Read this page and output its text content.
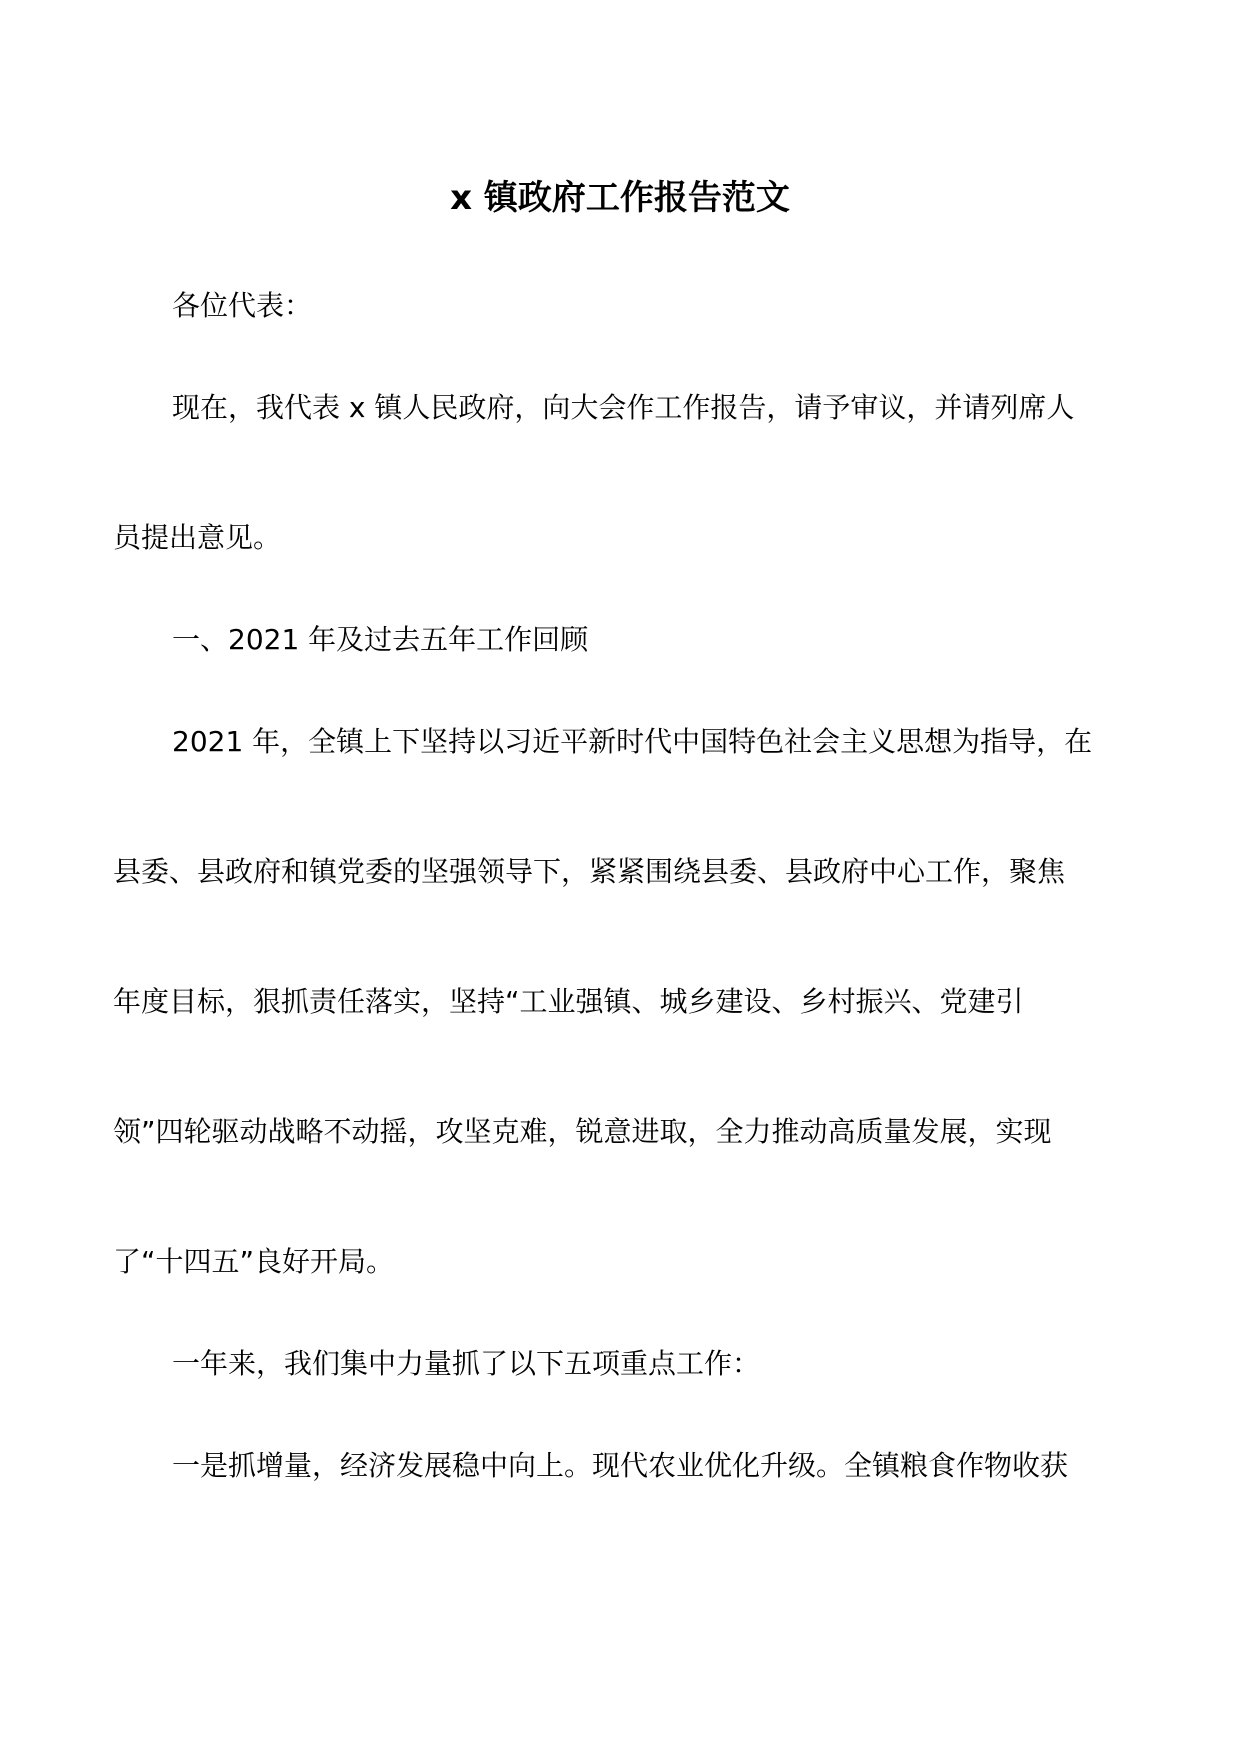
x 镇政府工作报告范文

各位代表：

现在，我代表 x 镇人民政府，向大会作工作报告，请予审议，并请列席人

员提出意见。

一、2021 年及过去五年工作回顾

2021 年，全镇上下坚持以习近平新时代中国特色社会主义思想为指导，在

县委、县政府和镇党委的坚强领导下，紧紧围绕县委、县政府中心工作，聚焦

年度目标，狠抓责任落实，坚持“工业强镇、城乡建设、乡村振兴、党建引

领”四轮驱动战略不动摇，攻坚克难，锐意进取，全力推动高质量发展，实现

了“十四五”良好开局。

一年来，我们集中力量抓了以下五项重点工作：

一是抓增量，经济发展稳中向上。现代农业优化升级。全镇粮食作物收获
